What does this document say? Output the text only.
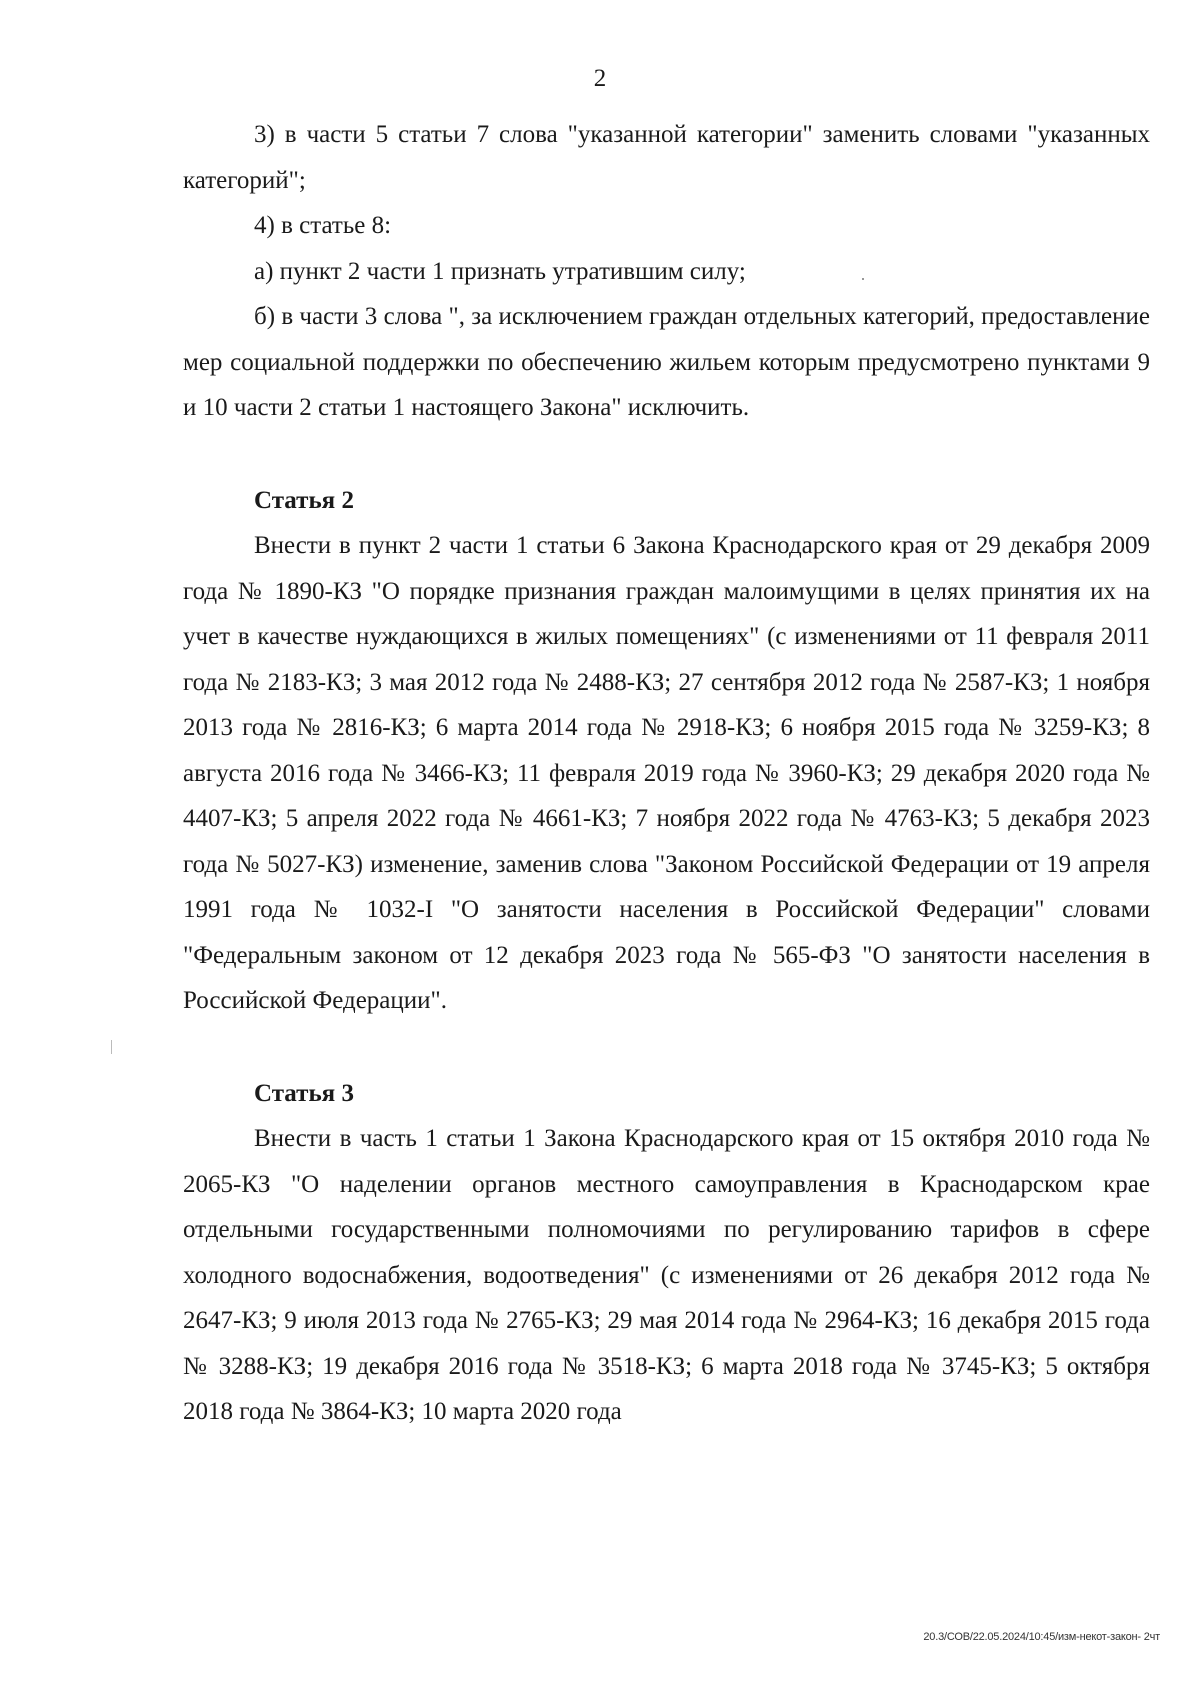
2

3) в части 5 статьи 7 слова "указанной категории" заменить словами "указанных категорий";

4) в статье 8:

а) пункт 2 части 1 признать утратившим силу;

б) в части 3 слова ", за исключением граждан отдельных категорий, предоставление мер социальной поддержки по обеспечению жильем которым предусмотрено пунктами 9 и 10 части 2 статьи 1 настоящего Закона" исключить.

Статья 2

Внести в пункт 2 части 1 статьи 6 Закона Краснодарского края от 29 декабря 2009 года № 1890-КЗ "О порядке признания граждан малоимущими в целях принятия их на учет в качестве нуждающихся в жилых помещениях" (с изменениями от 11 февраля 2011 года № 2183-КЗ; 3 мая 2012 года № 2488-КЗ; 27 сентября 2012 года № 2587-КЗ; 1 ноября 2013 года № 2816-КЗ; 6 марта 2014 года № 2918-КЗ; 6 ноября 2015 года № 3259-КЗ; 8 августа 2016 года № 3466-КЗ; 11 февраля 2019 года № 3960-КЗ; 29 декабря 2020 года № 4407-КЗ; 5 апреля 2022 года № 4661-КЗ; 7 ноября 2022 года № 4763-КЗ; 5 декабря 2023 года № 5027-КЗ) изменение, заменив слова "Законом Российской Федерации от 19 апреля 1991 года № 1032-I "О занятости населения в Российской Федерации" словами "Федеральным законом от 12 декабря 2023 года № 565-ФЗ "О занятости населения в Российской Федерации".

Статья 3

Внести в часть 1 статьи 1 Закона Краснодарского края от 15 октября 2010 года № 2065-КЗ "О наделении органов местного самоуправления в Краснодарском крае отдельными государственными полномочиями по регулированию тарифов в сфере холодного водоснабжения, водоотведения" (с изменениями от 26 декабря 2012 года № 2647-КЗ; 9 июля 2013 года № 2765-КЗ; 29 мая 2014 года № 2964-КЗ; 16 декабря 2015 года № 3288-КЗ; 19 декабря 2016 года № 3518-КЗ; 6 марта 2018 года № 3745-КЗ; 5 октября 2018 года № 3864-КЗ; 10 марта 2020 года

20.3/СОВ/22.05.2024/10:45/изм-некот-закон- 2чт
